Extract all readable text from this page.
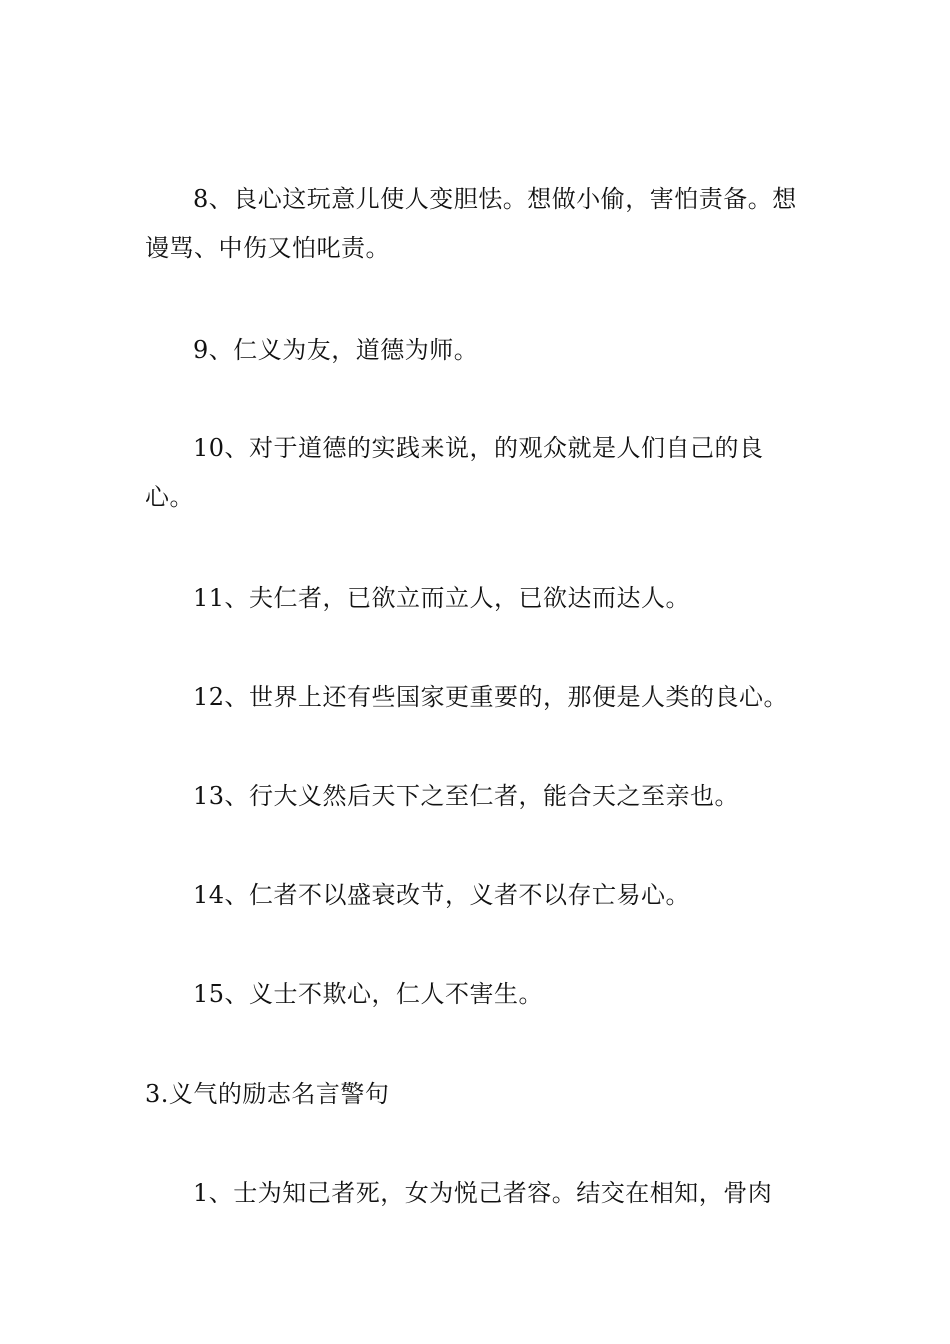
8、良心这玩意儿使人变胆怯。想做小偷，害怕责备。想谩骂、中伤又怕叱责。

9、仁义为友，道德为师。

10、对于道德的实践来说，的观众就是人们自己的良心。

11、夫仁者，已欲立而立人，已欲达而达人。

12、世界上还有些国家更重要的，那便是人类的良心。

13、行大义然后天下之至仁者，能合天之至亲也。

14、仁者不以盛衰改节，义者不以存亡易心。

15、义士不欺心，仁人不害生。

3.义气的励志名言警句

1、士为知己者死，女为悦己者容。结交在相知，骨肉
